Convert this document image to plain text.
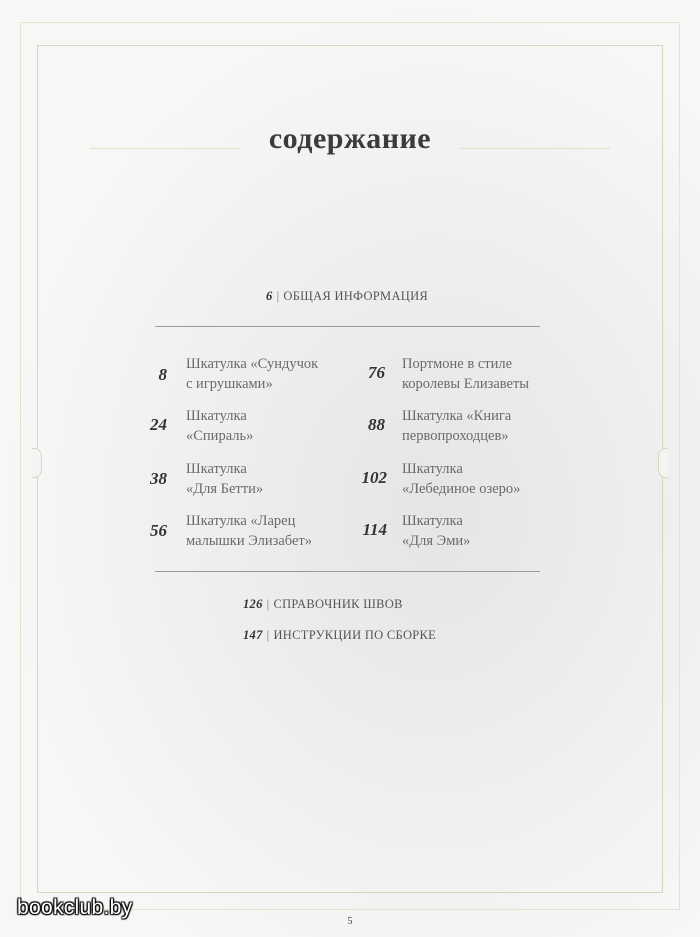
содержание
6 | ОБЩАЯ ИНФОРМАЦИЯ
8
Шкатулка «Сундучок
с игрушками»
24 Шкатулка
«Спираль»
38 Шкатулка
«Для Бетти»
56 Шкатулка «Ларец
малышки Элизабет»
76 Портмоне в стиле
королевы Елизаветы
88 Шкатулка «Книга
первопроходцев»
102 Шкатулка
«Лебединое озеро»
114 Шкатулка
«Для Эми»
126 | СПРАВОЧНИК ШВОВ
147 | ИНСТРУКЦИИ ПО СБОРКЕ
5
bookclub.by
